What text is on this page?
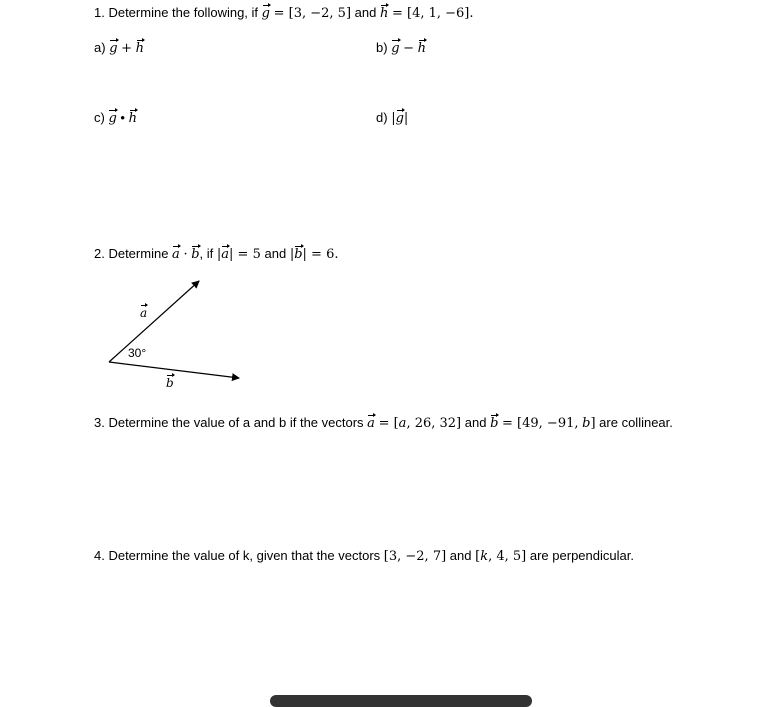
1. Determine the following, if g = [3, −2, 5] and h = [4, 1, −6].
a) g + h	b) g − h
c) g • h	d) |g|
2. Determine a · b, if |a| = 5 and |b| = 6.
a
30°
b
3. Determine the value of a and b if the vectors a = [a, 26, 32] and b = [49, −91, b] are collinear.
4. Determine the value of k, given that the vectors [3, −2, 7] and [k, 4, 5] are perpendicular.
